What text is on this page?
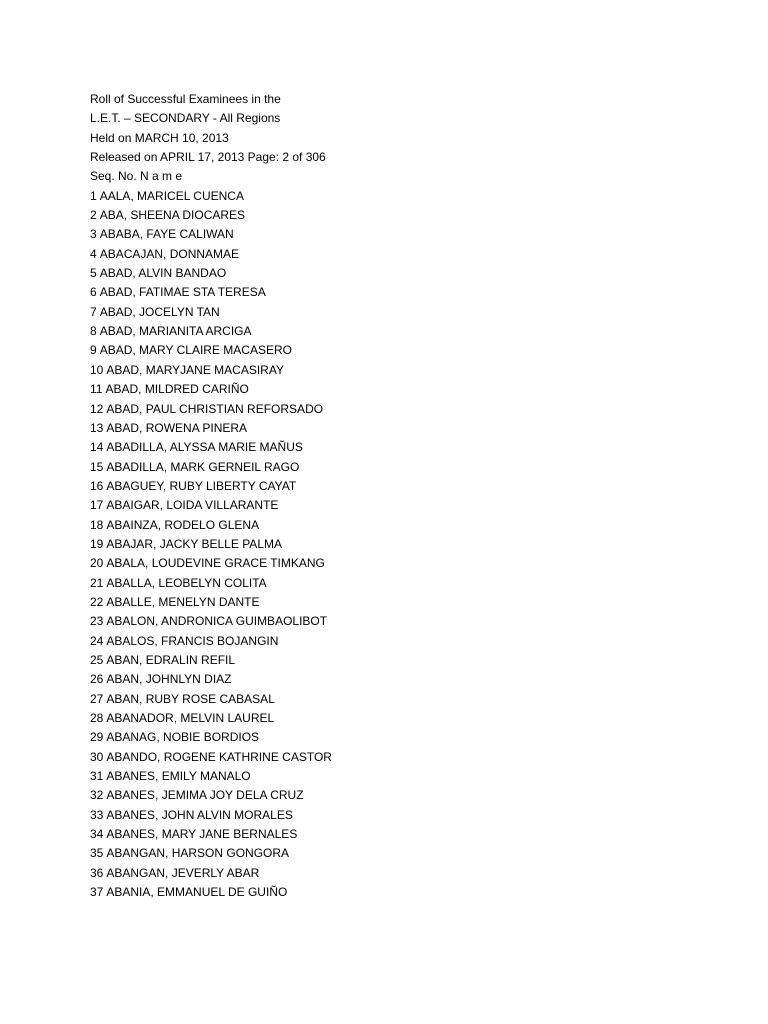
Roll of Successful Examinees in the
L.E.T. – SECONDARY - All Regions
Held on MARCH 10, 2013
Released on APRIL 17, 2013 Page: 2 of 306
Seq. No. N a m e
1 AALA, MARICEL CUENCA
2 ABA, SHEENA DIOCARES
3 ABABA, FAYE CALIWAN
4 ABACAJAN, DONNAMAE
5 ABAD, ALVIN BANDAO
6 ABAD, FATIMAE STA TERESA
7 ABAD, JOCELYN TAN
8 ABAD, MARIANITA ARCIGA
9 ABAD, MARY CLAIRE MACASERO
10 ABAD, MARYJANE MACASIRAY
11 ABAD, MILDRED CARIÑO
12 ABAD, PAUL CHRISTIAN REFORSADO
13 ABAD, ROWENA PINERA
14 ABADILLA, ALYSSA MARIE MAÑUS
15 ABADILLA, MARK GERNEIL RAGO
16 ABAGUEY, RUBY LIBERTY CAYAT
17 ABAIGAR, LOIDA VILLARANTE
18 ABAINZA, RODELO GLENA
19 ABAJAR, JACKY BELLE PALMA
20 ABALA, LOUDEVINE GRACE TIMKANG
21 ABALLA, LEOBELYN COLITA
22 ABALLE, MENELYN DANTE
23 ABALON, ANDRONICA GUIMBAOLIBOT
24 ABALOS, FRANCIS BOJANGIN
25 ABAN, EDRALIN REFIL
26 ABAN, JOHNLYN DIAZ
27 ABAN, RUBY ROSE CABASAL
28 ABANADOR, MELVIN LAUREL
29 ABANAG, NOBIE BORDIOS
30 ABANDO, ROGENE KATHRINE CASTOR
31 ABANES, EMILY MANALO
32 ABANES, JEMIMA JOY DELA CRUZ
33 ABANES, JOHN ALVIN MORALES
34 ABANES, MARY JANE BERNALES
35 ABANGAN, HARSON GONGORA
36 ABANGAN, JEVERLY ABAR
37 ABANIA, EMMANUEL DE GUIÑO
